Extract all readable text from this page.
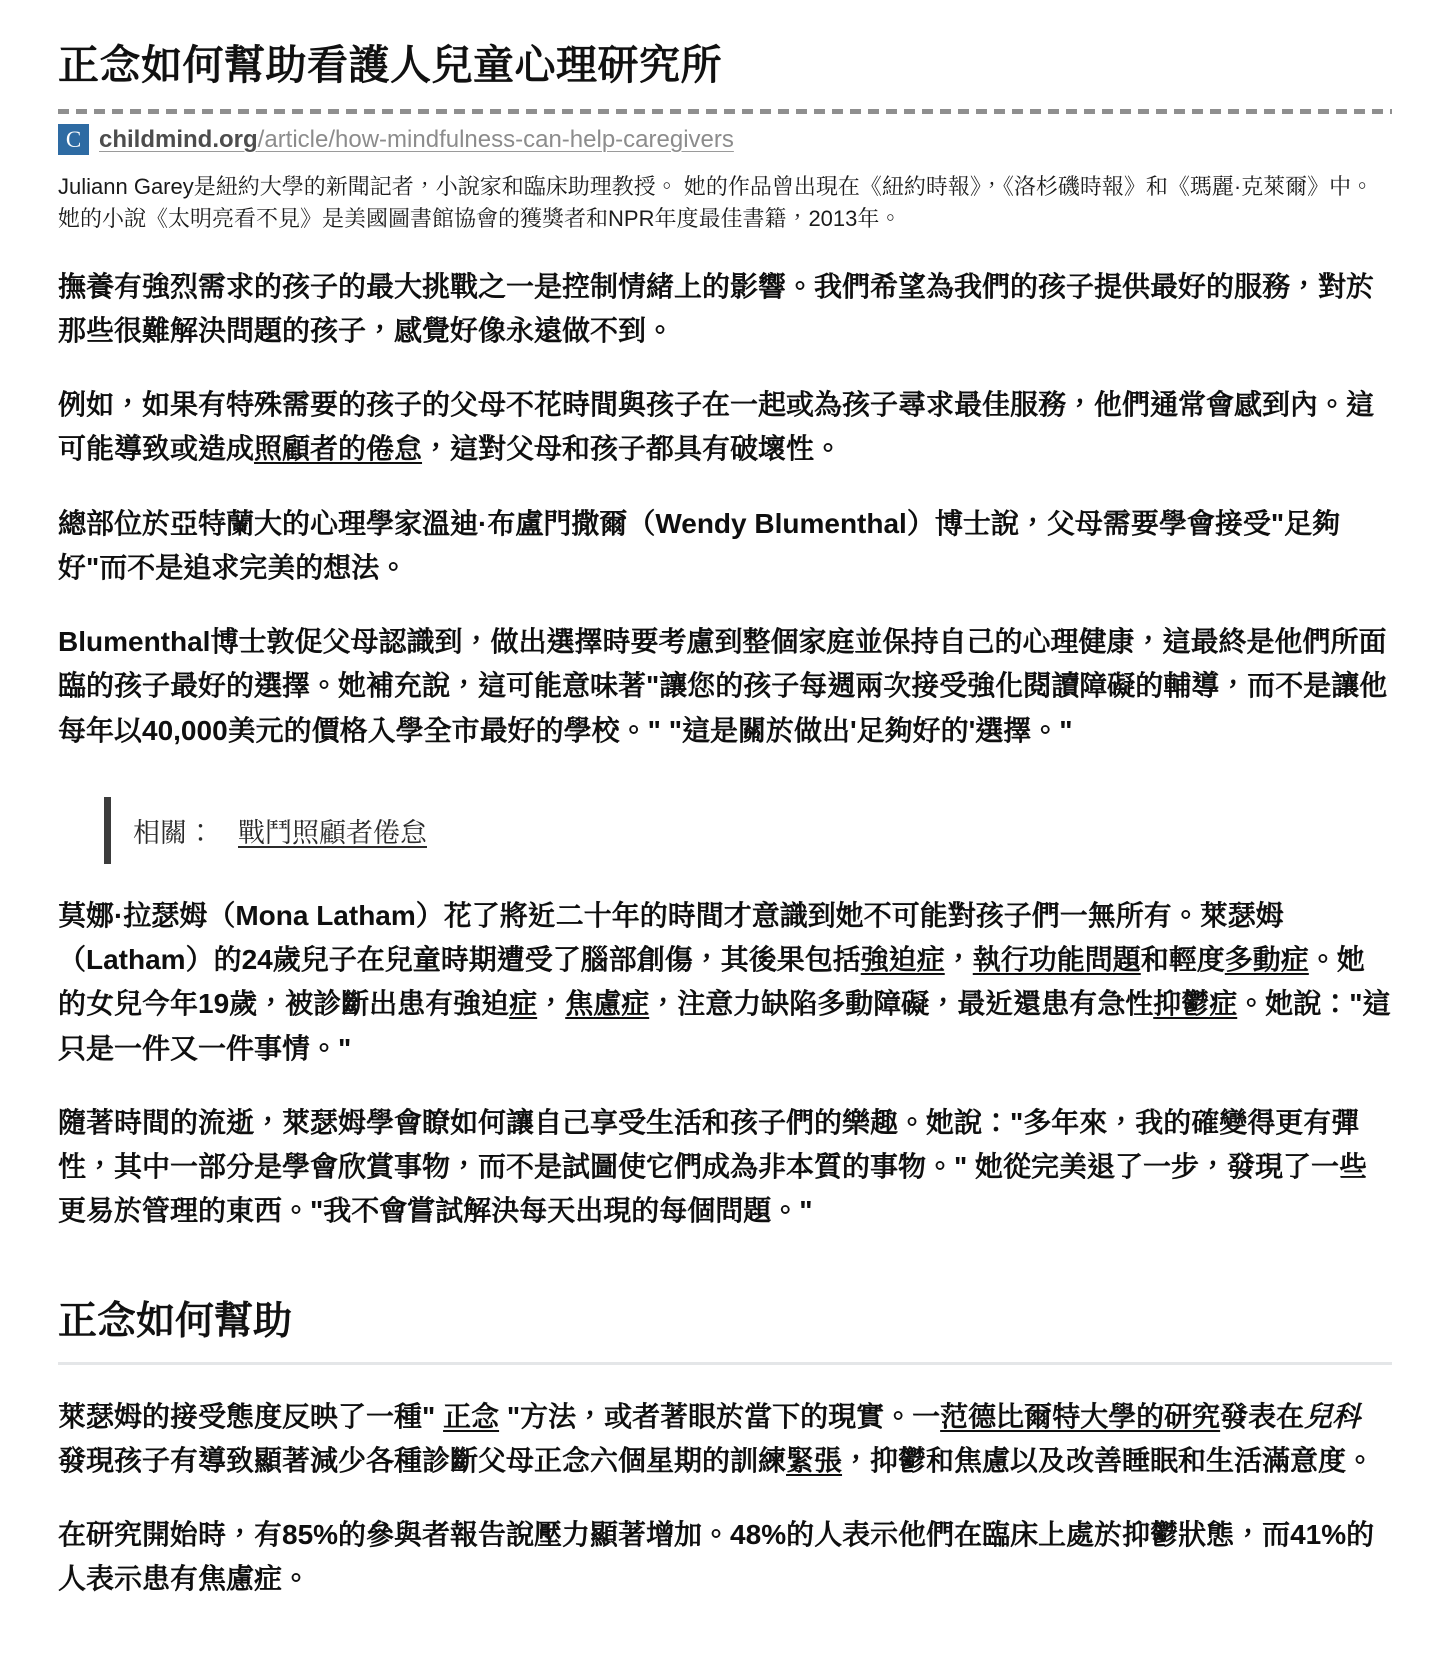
正念如何幫助看護人兒童心理研究所
C childmind.org/article/how-mindfulness-can-help-caregivers

Juliann Garey是紐約大學的新聞記者，小說家和臨床助理教授。 她的作品曾出現在《紐約時報》，《洛杉磯時報》和《瑪麗·克萊爾》中。 她的小說《太明亮看不見》是美國圖書館協會的獲獎者和NPR年度最佳書籍，2013年。

撫養有強烈需求的孩子的最大挑戰之一是控制情緒上的影響。我們希望為我們的孩子提供最好的服務，對於那些很難解決問題的孩子，感覺好像永遠做不到。

例如，如果有特殊需要的孩子的父母不花時間與孩子在一起或為孩子尋求最佳服務，他們通常會感到內。這可能導致或造成照顧者的倦怠，這對父母和孩子都具有破壞性。

總部位於亞特蘭大的心理學家溫迪·布盧門撒爾（Wendy Blumenthal）博士說，父母需要學會接受"足夠好"而不是追求完美的想法。

Blumenthal博士敦促父母認識到，做出選擇時要考慮到整個家庭並保持自己的心理健康，這最終是他們所面臨的孩子最好的選擇。她補充說，這可能意味著"讓您的孩子每週兩次接受強化閱讀障礙的輔導，而不是讓他每年以40,000美元的價格入學全市最好的學校。" "這是關於做出'足夠好的'選擇。"

相關： 戰鬥照顧者倦怠

莫娜·拉瑟姆（Mona Latham）花了將近二十年的時間才意識到她不可能對孩子們一無所有。萊瑟姆（Latham）的24歲兒子在兒童時期遭受了腦部創傷，其後果包括強迫症，執行功能問題和輕度多動症。她的女兒今年19歲，被診斷出患有強迫症，焦慮症，注意力缺陷多動障礙，最近還患有急性抑鬱症。她說："這只是一件又一件事情。"

隨著時間的流逝，萊瑟姆學會瞭如何讓自己享受生活和孩子們的樂趣。她說："多年來，我的確變得更有彈性，其中一部分是學會欣賞事物，而不是試圖使它們成為非本質的事物。" 她從完美退了一步，發現了一些更易於管理的東西。"我不會嘗試解決每天出現的每個問題。"

正念如何幫助

萊瑟姆的接受態度反映了一種" 正念 "方法，或者著眼於當下的現實。一范德比爾特大學的研究發表在兒科 發現孩子有導致顯著減少各種診斷父母正念六個星期的訓練緊張，抑鬱和焦慮以及改善睡眠和生活滿意度。

在研究開始時，有85%的參與者報告說壓力顯著增加。48%的人表示他們在臨床上處於抑鬱狀態，而41%的人表示患有焦慮症。
